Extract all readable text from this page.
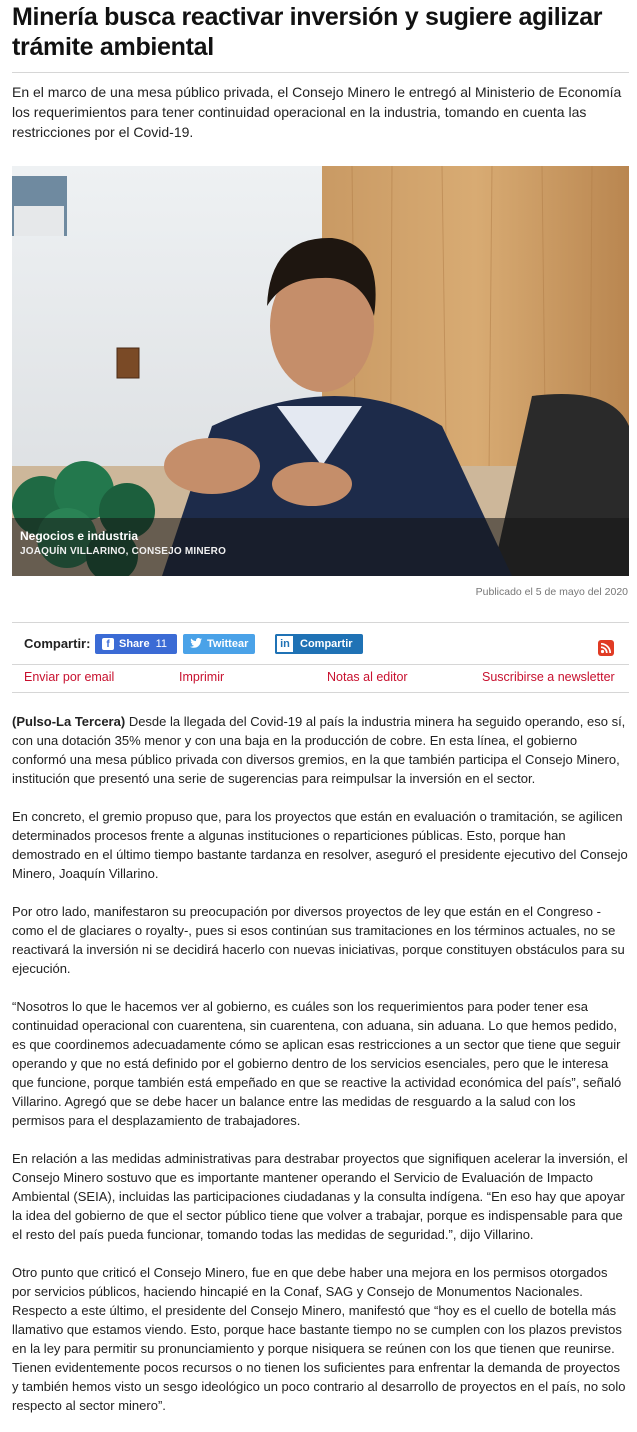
Minería busca reactivar inversión y sugiere agilizar trámite ambiental

En el marco de una mesa público privada, el Consejo Minero le entregó al Ministerio de Economía los requerimientos para tener continuidad operacional en la industria, tomando en cuenta las restricciones por el Covid-19.

Negocios e industria
JOAQUÍN VILLARINO, CONSEJO MINERO
Publicado el 5 de mayo del 2020
Compartir:	f Share 11	Twittear	in Compartir
Enviar por email	Imprimir	Notas al editor	Suscribirse a newsletter

(Pulso-La Tercera) Desde la llegada del Covid-19 al país la industria minera ha seguido operando, eso sí, con una dotación 35% menor y con una baja en la producción de cobre. En esta línea, el gobierno conformó una mesa público privada con diversos gremios, en la que también participa el Consejo Minero, institución que presentó una serie de sugerencias para reimpulsar la inversión en el sector.

En concreto, el gremio propuso que, para los proyectos que están en evaluación o tramitación, se agilicen determinados procesos frente a algunas instituciones o reparticiones públicas. Esto, porque han demostrado en el último tiempo bastante tardanza en resolver, aseguró el presidente ejecutivo del Consejo Minero, Joaquín Villarino.

Por otro lado, manifestaron su preocupación por diversos proyectos de ley que están en el Congreso -como el de glaciares o royalty-, pues si esos continúan sus tramitaciones en los términos actuales, no se reactivará la inversión ni se decidirá hacerlo con nuevas iniciativas, porque constituyen obstáculos para su ejecución.

“Nosotros lo que le hacemos ver al gobierno, es cuáles son los requerimientos para poder tener esa continuidad operacional con cuarentena, sin cuarentena, con aduana, sin aduana. Lo que hemos pedido, es que coordinemos adecuadamente cómo se aplican esas restricciones a un sector que tiene que seguir operando y que no está definido por el gobierno dentro de los servicios esenciales, pero que le interesa que funcione, porque también está empeñado en que se reactive la actividad económica del país”, señaló Villarino. Agregó que se debe hacer un balance entre las medidas de resguardo a la salud con los permisos para el desplazamiento de trabajadores.

En relación a las medidas administrativas para destrabar proyectos que signifiquen acelerar la inversión, el Consejo Minero sostuvo que es importante mantener operando el Servicio de Evaluación de Impacto Ambiental (SEIA), incluidas las participaciones ciudadanas y la consulta indígena. “En eso hay que apoyar la idea del gobierno de que el sector público tiene que volver a trabajar, porque es indispensable para que el resto del país pueda funcionar, tomando todas las medidas de seguridad.”, dijo Villarino.

Otro punto que criticó el Consejo Minero, fue en que debe haber una mejora en los permisos otorgados por servicios públicos, haciendo hincapié en la Conaf, SAG y Consejo de Monumentos Nacionales. Respecto a este último, el presidente del Consejo Minero, manifestó que “hoy es el cuello de botella más llamativo que estamos viendo. Esto, porque hace bastante tiempo no se cumplen con los plazos previstos en la ley para permitir su pronunciamiento y porque nisiquera se reúnen con los que tienen que reunirse. Tienen evidentemente pocos recursos o no tienen los suficientes para enfrentar la demanda de proyectos y también hemos visto un sesgo ideológico un poco contrario al desarrollo de proyectos en el país, no solo respecto al sector minero”.
